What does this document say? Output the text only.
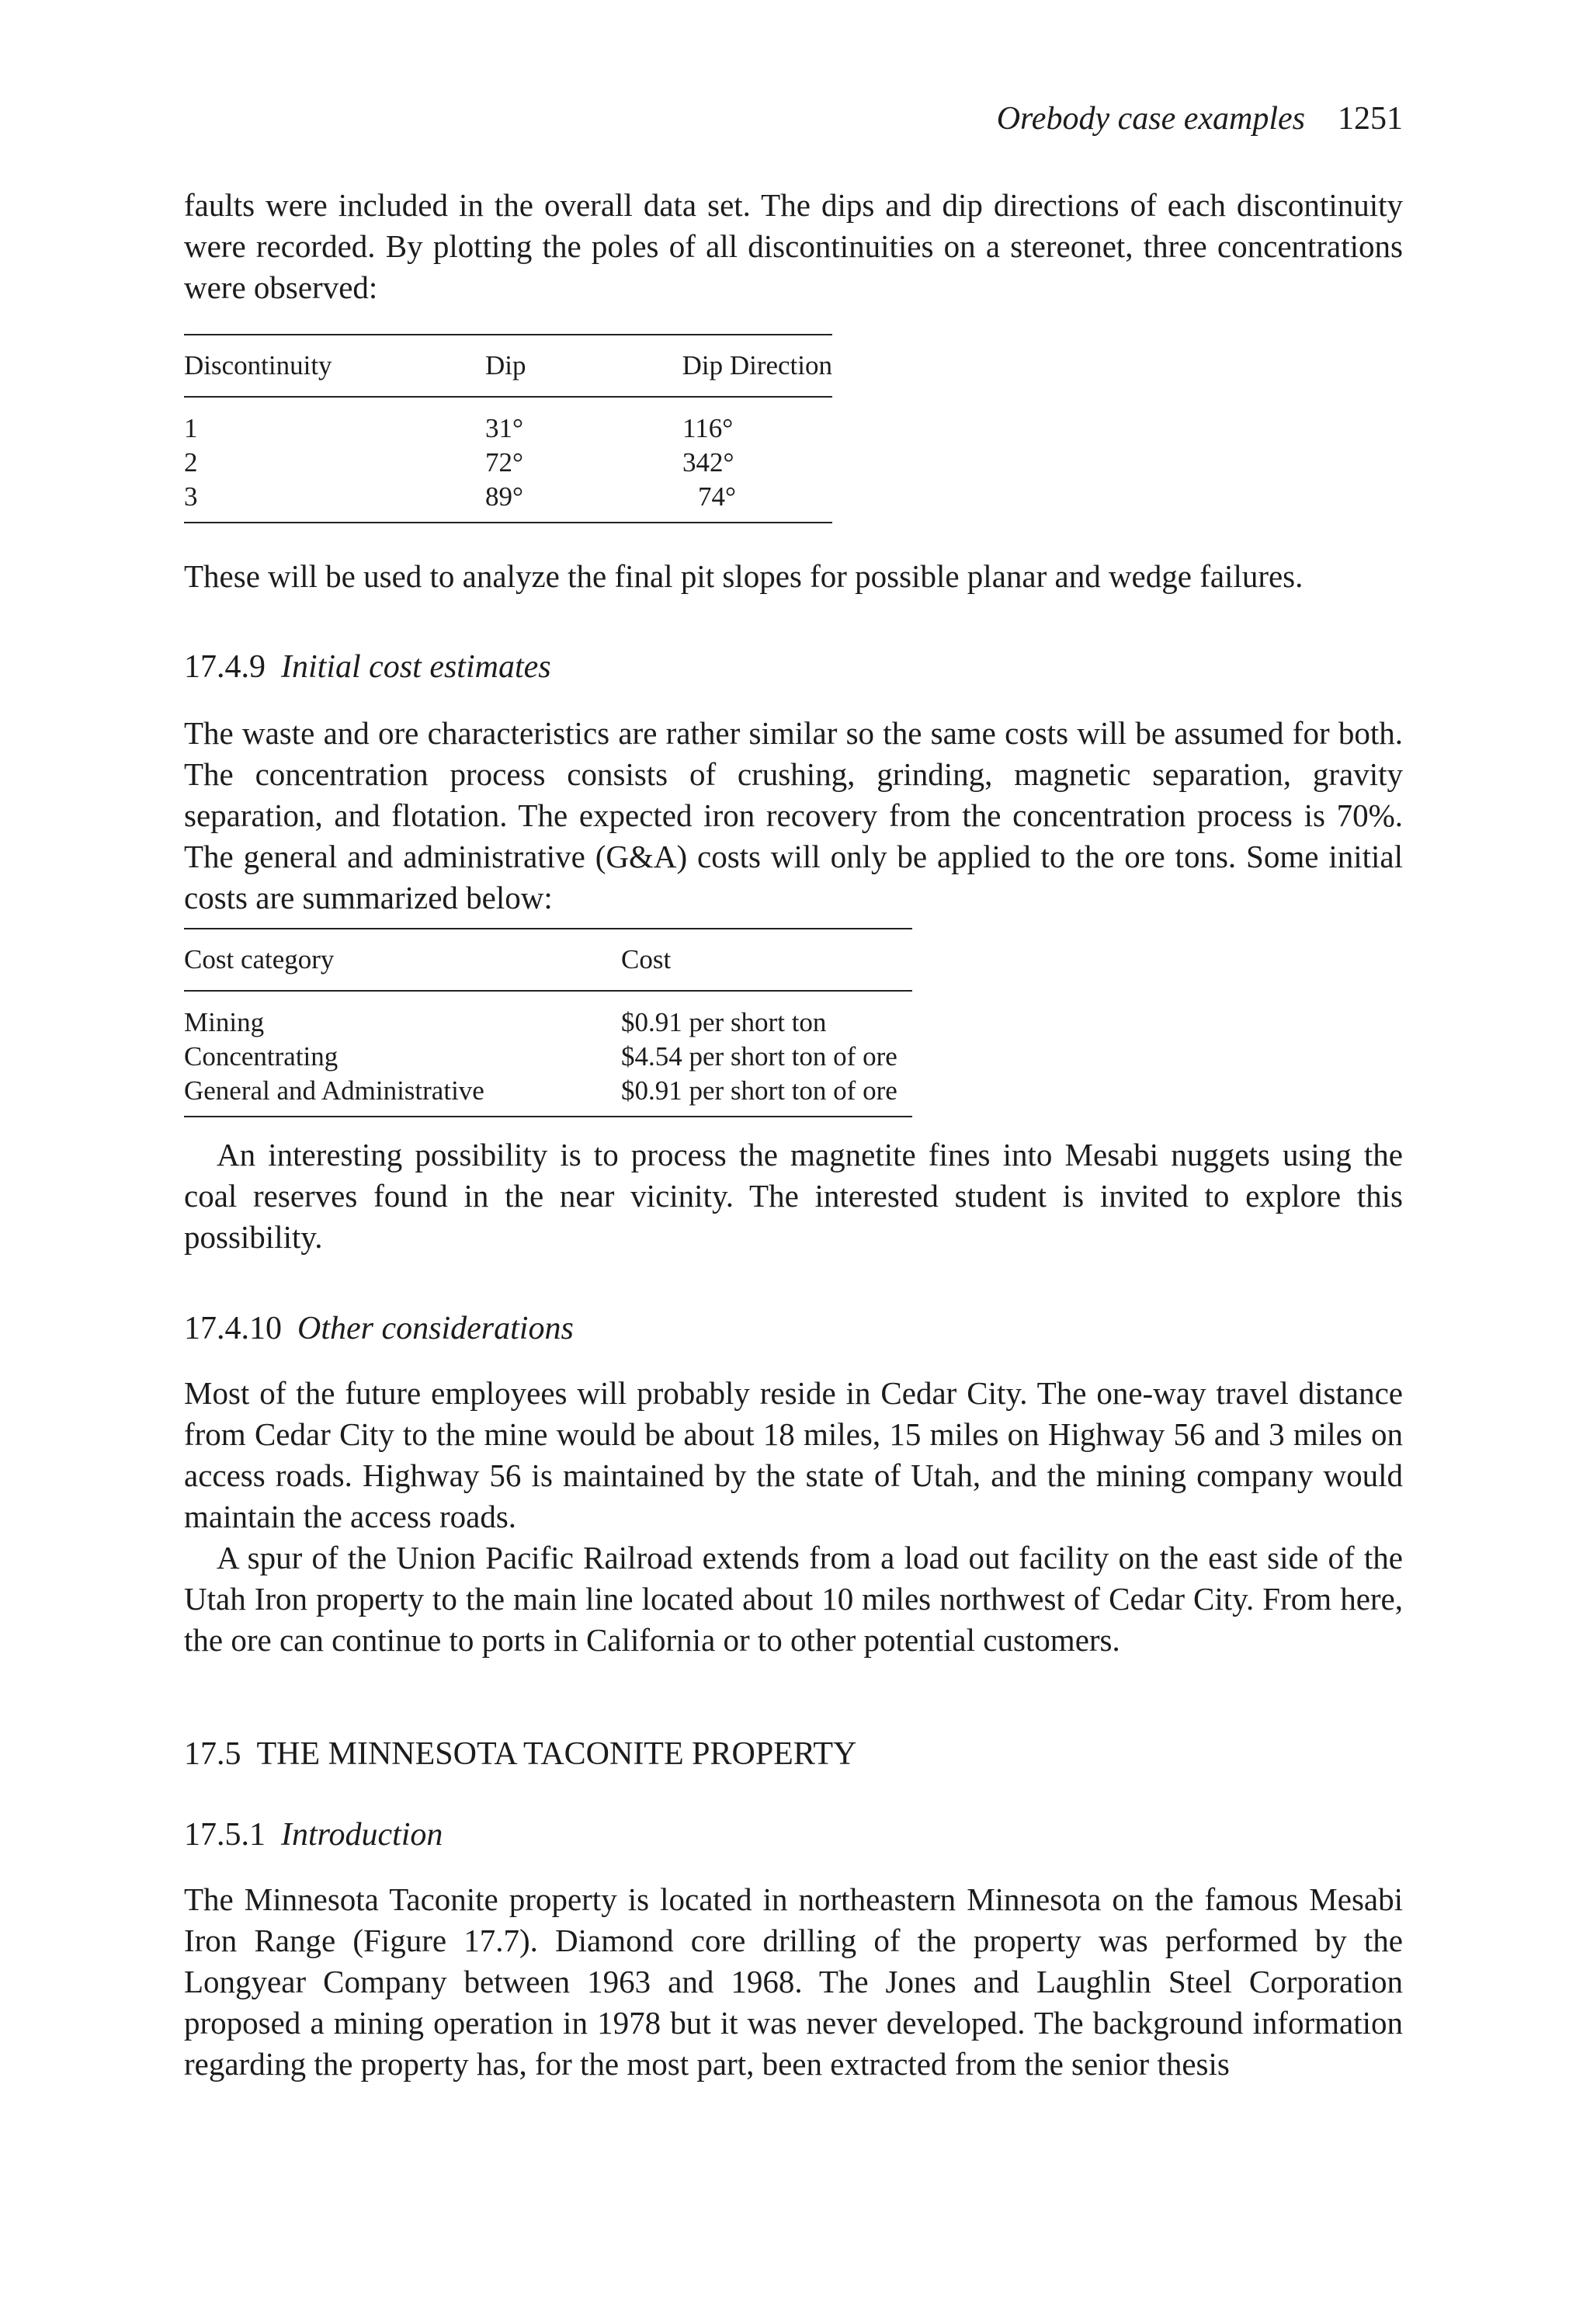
Orebody case examples 1251

faults were included in the overall data set. The dips and dip directions of each discontinuity were recorded. By plotting the poles of all discontinuities on a stereonet, three concentrations were observed:

Discontinuity	Dip	Dip Direction
1	31°	116°
2	72°	342°
3	89°	74°

These will be used to analyze the final pit slopes for possible planar and wedge failures.

17.4.9 Initial cost estimates

The waste and ore characteristics are rather similar so the same costs will be assumed for both. The concentration process consists of crushing, grinding, magnetic separation, gravity separation, and flotation. The expected iron recovery from the concentration process is 70%. The general and administrative (G&A) costs will only be applied to the ore tons. Some initial costs are summarized below:

Cost category	Cost
Mining	$0.91 per short ton
Concentrating	$4.54 per short ton of ore
General and Administrative	$0.91 per short ton of ore

An interesting possibility is to process the magnetite fines into Mesabi nuggets using the coal reserves found in the near vicinity. The interested student is invited to explore this possibility.

17.4.10 Other considerations

Most of the future employees will probably reside in Cedar City. The one-way travel distance from Cedar City to the mine would be about 18 miles, 15 miles on Highway 56 and 3 miles on access roads. Highway 56 is maintained by the state of Utah, and the mining company would maintain the access roads.

A spur of the Union Pacific Railroad extends from a load out facility on the east side of the Utah Iron property to the main line located about 10 miles northwest of Cedar City. From here, the ore can continue to ports in California or to other potential customers.

17.5 THE MINNESOTA TACONITE PROPERTY
17.5.1 Introduction

The Minnesota Taconite property is located in northeastern Minnesota on the famous Mesabi Iron Range (Figure 17.7). Diamond core drilling of the property was performed by the Longyear Company between 1963 and 1968. The Jones and Laughlin Steel Corporation proposed a mining operation in 1978 but it was never developed. The background information regarding the property has, for the most part, been extracted from the senior thesis
